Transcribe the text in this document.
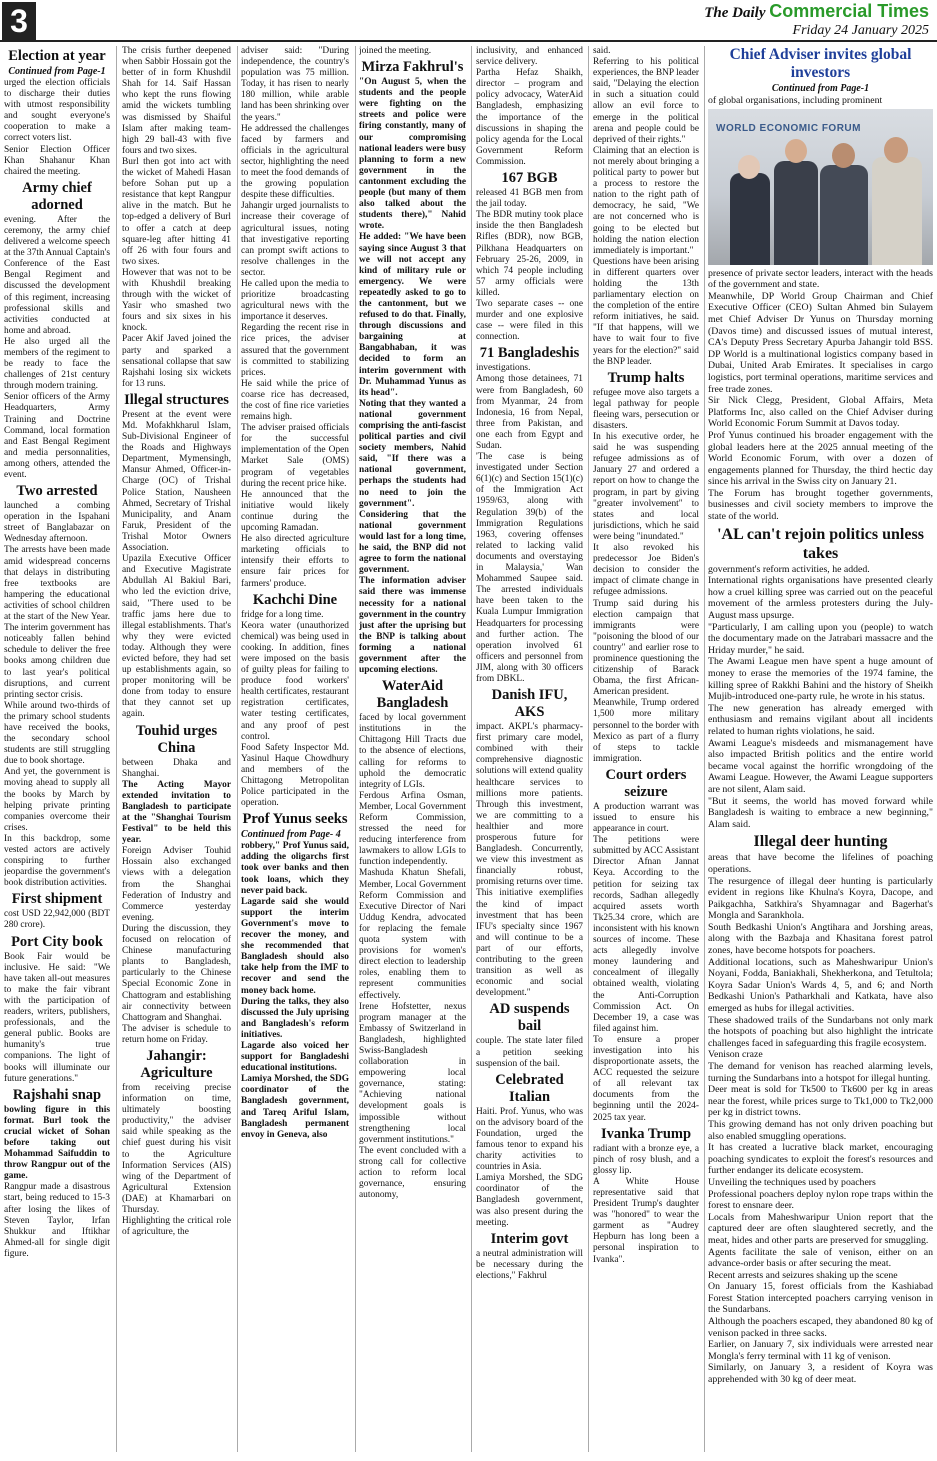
3	The Daily Commercial Times
Friday 24 January 2025
Election at year

Continued from Page-1

urged the election officials to discharge their duties with utmost responsibility and sought everyone's cooperation to make a correct voters list.

Senior Election Officer Khan Shahanur Khan chaired the meeting.

Army chief adorned

evening. After the ceremony, the army chief delivered a welcome speech at the 37th Annual Captain's Conference of the East Bengal Regiment and discussed the development of this regiment, increasing professional skills and activities conducted at home and abroad.

He also urged all the members of the regiment to be ready to face the challenges of 21st century through modern training.

Senior officers of the Army Headquarters, Army Training and Doctrine Command, local formation and East Bengal Regiment and media personnalities, among others, attended the event.

Two arrested

launched a combing operation in the Ispahani street of Banglabazar on Wednesday afternoon.

The arrests have been made amid widespread concerns that delays in distributing free textbooks are hampering the educational activities of school children at the start of the New Year. The interim government has noticeably fallen behind schedule to deliver the free books among children due to last year's political disruptions, and current printing sector crisis.

While around two-thirds of the primary school students have received the books, the secondary school students are still struggling due to book shortage.

And yet, the government is moving ahead to supply all the books by March by helping private printing companies overcome their crises.

In this backdrop, some vested actors are actively conspiring to further jeopardise the government's book distribution activities.

First shipment

cost USD 22,942,000 (BDT 280 crore).

Port City book

Book Fair would be inclusive. He said: "We have taken all-out measures to make the fair vibrant with the participation of readers, writers, publishers, professionals, and the general public. Books are humanity's true companions. The light of books will illuminate our future generations."

Rajshahi snap

bowling figure in this format. Burl took the crucial wicket of Sohan before taking out Mohammad Saifuddin to throw Rangpur out of the game.

Rangpur made a disastrous start, being reduced to 15-3 after losing the likes of Steven Taylor, Irfan Shukkur and Iftikhar Ahmed-all for single digit figure.

The crisis further deepened when Sabbir Hossain got the better of in form Khushdil Shah for 14. Saif Hassan who kept the runs flowing amid the wickets tumbling was dismissed by Shaiful Islam after making team-high 29 ball-43 with five fours and two sixes.

Burl then got into act with the wicket of Mahedi Hasan before Sohan put up a resistance that kept Rangpur alive in the match. But he top-edged a delivery of Burl to offer a catch at deep square-leg after hitting 41 off 26 with four fours and two sixes.

However that was not to be with Khushdil breaking through with the wicket of Yasir who smashed two fours and six sixes in his knock.

Pacer Akif Javed joined the party and sparked a sensational collapse that saw Rajshahi losing six wickets for 13 runs.

Illegal structures

Present at the event were Md. Mofakhkharul Islam, Sub-Divisional Engineer of the Roads and Highways Department, Mymensingh, Mansur Ahmed, Officer-in-Charge (OC) of Trishal Police Station, Nausheen Ahmed, Secretary of Trishal Municipality, and Anam Faruk, President of the Trishal Motor Owners Association.

Upazila Executive Officer and Executive Magistrate Abdullah Al Bakiul Bari, who led the eviction drive, said, "There used to be traffic jams here due to illegal establishments. That's why they were evicted today. Although they were evicted before, they had set up establishments again, so proper monitoring will be done from today to ensure that they cannot set up again.

Touhid urges China

between Dhaka and Shanghai.

The Acting Mayor extended invitation to Bangladesh to participate at the "Shanghai Tourism Festival" to be held this year.

Foreign Adviser Touhid Hossain also exchanged views with a delegation from the Shanghai Federation of Industry and Commerce yesterday evening.

During the discussion, they focused on relocation of Chinese manufacturing plants to Bangladesh, particularly to the Chinese Special Economic Zone in Chattogram and establishing air connectivity between Chattogram and Shanghai.

The adviser is schedule to return home on Friday.

Jahangir: Agriculture

from receiving precise information on time, ultimately boosting productivity," the adviser said while speaking as the chief guest during his visit to the Agriculture Information Services (AIS) wing of the Department of Agricultural Extension (DAE) at Khamarbari on Thursday.

Highlighting the critical role of agriculture, the

adviser said: "During independence, the country's population was 75 million. Today, it has risen to nearly 180 million, while arable land has been shrinking over the years."

He addressed the challenges faced by farmers and officials in the agricultural sector, highlighting the need to meet the food demands of the growing population despite these difficulties.

Jahangir urged journalists to increase their coverage of agricultural issues, noting that investigative reporting can prompt swift actions to resolve challenges in the sector.

He called upon the media to prioritize broadcasting agricultural news with the importance it deserves.

Regarding the recent rise in rice prices, the adviser assured that the government is committed to stabilizing prices.

He said while the price of coarse rice has decreased, the cost of fine rice varieties remains high.

The adviser praised officials for the successful implementation of the Open Market Sale (OMS) program of vegetables during the recent price hike.

He announced that the initiative would likely continue during the upcoming Ramadan.

He also directed agriculture marketing officials to intensify their efforts to ensure fair prices for farmers' produce.

Kachchi Dine

fridge for a long time.

Keora water (unauthorized chemical) was being used in cooking. In addition, fines were imposed on the basis of guilty pleas for failing to produce food workers' health certificates, restaurant registration certificates, water testing certificates, and any proof of pest control.

Food Safety Inspector Md. Yasinul Haque Chowdhury and members of the Chittagong Metropolitan Police participated in the operation.

Prof Yunus seeks

Continued from Page- 4

robbery," Prof Yunus said, adding the oligarchs first took over banks and then took loans, which they never paid back.

Lagarde said she would support the interim Government's move to recover the money, and she recommended that Bangladesh should also take help from the IMF to recover and send the money back home.

During the talks, they also discussed the July uprising and Bangladesh's reform initiatives.

Lagarde also voiced her support for Bangladeshi educational institutions.

Lamiya Morshed, the SDG coordinator of the Bangladesh government, and Tareq Ariful Islam, Bangladesh permanent envoy in Geneva, also

joined the meeting.

Mirza Fakhrul's

"On August 5, when the students and the people were fighting on the streets and police were firing constantly, many of our compromising national leaders were busy planning to form a new government in the cantonment excluding the people (but many of them also talked about the students there)," Nahid wrote.

He added: "We have been saying since August 3 that we will not accept any kind of military rule or emergency. We were repeatedly asked to go to the cantonment, but we refused to do that. Finally, through discussions and bargaining at Bangabhaban, it was decided to form an interim government with Dr. Muhammad Yunus as its head".

Noting that they wanted a national government comprising the anti-fascist political parties and civil society members, Nahid said, "If there was a national government, perhaps the students had no need to join the government".

Considering that the national government would last for a long time, he said, the BNP did not agree to form the national government.

The information adviser said there was immense necessity for a national government in the country just after the uprising but the BNP is talking about forming a national government after the upcoming elections.

WaterAid Bangladesh

faced by local government institutions in the Chittagong Hill Tracts due to the absence of elections, calling for reforms to uphold the democratic integrity of LGIs.

Ferdous Arfina Osman, Member, Local Government Reform Commission, stressed the need for reducing interference from lawmakers to allow LGIs to function independently.

Mashuda Khatun Shefali, Member, Local Government Reform Commission and Executive Director of Nari Uddug Kendra, advocated for replacing the female quota system with provisions for women's direct election to leadership roles, enabling them to represent communities effectively.

Irene Hofstetter, nexus program manager at the Embassy of Switzerland in Bangladesh, highlighted Swiss-Bangladesh collaboration in empowering local governance, stating: "Achieving national development goals is impossible without strengthening local government institutions."

The event concluded with a strong call for collective action to reform local governance, ensuring autonomy,

inclusivity, and enhanced service delivery.

Partha Hefaz Shaikh, director – program and policy advocacy, WaterAid Bangladesh, emphasizing the importance of the discussions in shaping the policy agenda for the Local Government Reform Commission.

167 BGB

released 41 BGB men from the jail today.

The BDR mutiny took place inside the then Bangladesh Rifles (BDR), now BGB, Pilkhana Headquarters on February 25-26, 2009, in which 74 people including 57 army officials were killed.

Two separate cases -- one murder and one explosive case -- were filed in this connection.

71 Bangladeshis

investigations.

Among those detainees, 71 were from Bangladesh, 60 from Myanmar, 24 from Indonesia, 16 from Nepal, three from Pakistan, and one each from Egypt and Sudan.

'The case is being investigated under Section 6(1)(c) and Section 15(1)(c) of the Immigration Act 1959/63, along with Regulation 39(b) of the Immigration Regulations 1963, covering offenses related to lacking valid documents and overstaying in Malaysia,' Wan Mohammed Saupee said. The arrested individuals have been taken to the Kuala Lumpur Immigration Headquarters for processing and further action. The operation involved 61 officers and personnel from JIM, along with 30 officers from DBKL.

Danish IFU, AKS

impact. AKPL's pharmacy-first primary care model, combined with their comprehensive diagnostic solutions will extend quality healthcare services to millions more patients. Through this investment, we are committing to a healthier and more prosperous future for Bangladesh. Concurrently, we view this investment as financially robust, promising returns over time. This initiative exemplifies the kind of impact investment that has been IFU's specialty since 1967 and will continue to be a part of our efforts, contributing to the green transition as well as economic and social development."

AD suspends bail

couple. The state later filed a petition seeking suspension of the bail.

Celebrated Italian

Haiti. Prof. Yunus, who was on the advisory board of the Foundation, urged the famous tenor to expand his charity activities to countries in Asia.

Lamiya Morshed, the SDG coordinator of the Bangladesh government, was also present during the meeting.

Interim govt

a neutral administration will be necessary during the elections," Fakhrul

said.

Referring to his political experiences, the BNP leader said, "Delaying the election in such a situation could allow an evil force to emerge in the political arena and people could be deprived of their rights."

Claiming that an election is not merely about bringing a political party to power but a process to restore the nation to the right path of democracy, he said, "We are not concerned who is going to be elected but holding the nation election immediately is important."

Questions have been arising in different quarters over holding the 13th parliamentary election on the completion of the entire reform initiatives, he said. "If that happens, will we have to wait four to five years for the election?" said the BNP leader.

Trump halts

refugee move also targets a legal pathway for people fleeing wars, persecution or disasters.

In his executive order, he said he was suspending refugee admissions as of January 27 and ordered a report on how to change the program, in part by giving "greater involvement" to states and local jurisdictions, which he said were being "inundated."

It also revoked his predecessor Joe Biden's decision to consider the impact of climate change in refugee admissions.

Trump said during his election campaign that immigrants were "poisoning the blood of our country" and earlier rose to prominence questioning the citizenship of Barack Obama, the first African-American president.

Meanwhile, Trump ordered 1,500 more military personnel to the border with Mexico as part of a flurry of steps to tackle immigration.

Court orders seizure

A production warrant was issued to ensure his appearance in court.

The petitions were submitted by ACC Assistant Director Afnan Jannat Keya. According to the petition for seizing tax records, Sadhan allegedly acquired assets worth Tk25.34 crore, which are inconsistent with his known sources of income. These acts allegedly involve money laundering and concealment of illegally obtained wealth, violating the Anti-Corruption Commission Act. On December 19, a case was filed against him.

To ensure a proper investigation into his disproportionate assets, the ACC requested the seizure of all relevant tax documents from the beginning until the 2024-2025 tax year.

Ivanka Trump

radiant with a bronze eye, a pinch of rosy blush, and a glossy lip.

A White House representative said that President Trump's daughter was "honored" to wear the garment as "Audrey Hepburn has long been a personal inspiration to Ivanka".

Chief Adviser invites global investors

Continued from Page-1

of global organisations, including prominent

WORLD ECONOMIC FORUM

presence of private sector leaders, interact with the heads of the government and state.

Meanwhile, DP World Group Chairman and Chief Executive Officer (CEO) Sultan Ahmed bin Sulayem met Chief Adviser Dr Yunus on Thursday morning (Davos time) and discussed issues of mutual interest, CA's Deputy Press Secretary Apurba Jahangir told BSS. DP World is a multinational logistics company based in Dubai, United Arab Emirates. It specialises in cargo logistics, port terminal operations, maritime services and free trade zones.

Sir Nick Clegg, President, Global Affairs, Meta Platforms Inc, also called on the Chief Adviser during World Economic Forum Summit at Davos today.

Prof Yunus continued his broader engagement with the global leaders here at the 2025 annual meeting of the World Economic Forum, with over a dozen of engagements planned for Thursday, the third hectic day since his arrival in the Swiss city on January 21.

The Forum has brought together governments, businesses and civil society members to improve the state of the world.

'AL can't rejoin politics unless takes

government's reform activities, he added.

International rights organisations have presented clearly how a cruel killing spree was carried out on the peaceful movement of the armless protesters during the July-August mass upsurge.

"Particularly, I am calling upon you (people) to watch the documentary made on the Jatrabari massacre and the Hriday murder," he said.

The Awami League men have spent a huge amount of money to erase the memories of the 1974 famine, the killing spree of Rakkhi Bahini and the history of Sheikh Mujib-introduced one-party rule, he wrote in his status.

The new generation has already emerged with enthusiasm and remains vigilant about all incidents related to human rights violations, he said.

Awami League's misdeeds and mismanagement have also impacted British politics and the entire world became vocal against the horrific wrongdoing of the Awami League. However, the Awami League supporters are not silent, Alam said.

"But it seems, the world has moved forward while Bangladesh is waiting to embrace a new beginning," Alam said.

Illegal deer hunting

areas that have become the lifelines of poaching operations.

The resurgence of illegal deer hunting is particularly evident in regions like Khulna's Koyra, Dacope, and Paikgachha, Satkhira's Shyamnagar and Bagerhat's Mongla and Sarankhola.

South Bedkashi Union's Angtihara and Jorshing areas, along with the Bazbaja and Khasitana forest patrol zones, have become hotspots for poachers.

Additional locations, such as Maheshwaripur Union's Noyani, Fodda, Baniakhali, Shekherkona, and Tetultola; Koyra Sadar Union's Wards 4, 5, and 6; and North Bedkashi Union's Patharkhali and Katkata, have also emerged as hubs for illegal activities.

These shadowed trails of the Sundarbans not only mark the hotspots of poaching but also highlight the intricate challenges faced in safeguarding this fragile ecosystem.

Venison craze

The demand for venison has reached alarming levels, turning the Sundarbans into a hotspot for illegal hunting.

Deer meat is sold for Tk500 to Tk600 per kg in areas near the forest, while prices surge to Tk1,000 to Tk2,000 per kg in district towns.

This growing demand has not only driven poaching but also enabled smuggling operations.

It has created a lucrative black market, encouraging poaching syndicates to exploit the forest's resources and further endanger its delicate ecosystem.

Unveiling the techniques used by poachers

Professional poachers deploy nylon rope traps within the forest to ensnare deer.

Locals from Maheshwaripur Union report that the captured deer are often slaughtered secretly, and the meat, hides and other parts are preserved for smuggling.

Agents facilitate the sale of venison, either on an advance-order basis or after securing the meat.

Recent arrests and seizures shaking up the scene

On January 15, forest officials from the Kashiabad Forest Station intercepted poachers carrying venison in the Sundarbans.

Although the poachers escaped, they abandoned 80 kg of venison packed in three sacks.

Earlier, on January 7, six individuals were arrested near Mongla's ferry terminal with 11 kg of venison.

Similarly, on January 3, a resident of Koyra was apprehended with 30 kg of deer meat.
